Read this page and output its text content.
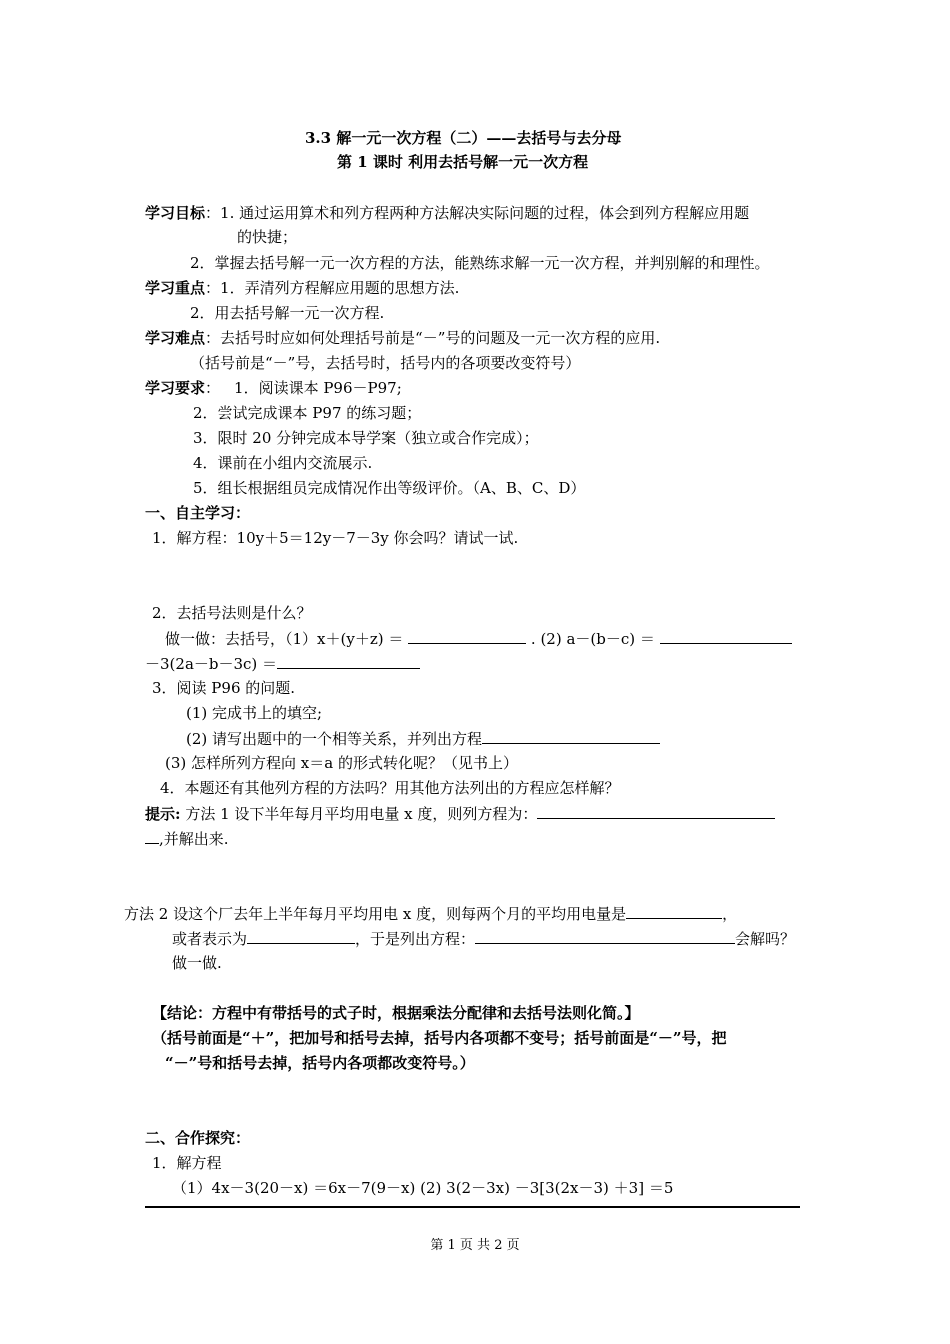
3.3 解一元一次方程（二）——去括号与去分母
第 1 课时 利用去括号解一元一次方程
学习目标：1. 通过运用算术和列方程两种方法解决实际问题的过程，体会到列方程解应用题
的快捷；
2．掌握去括号解一元一次方程的方法，能熟练求解一元一次方程，并判别解的和理性。
学习重点：1．弄清列方程解应用题的思想方法.
2．用去括号解一元一次方程.
学习难点：去括号时应如何处理括号前是“－”号的问题及一元一次方程的应用.
（括号前是“－”号，去括号时，括号内的各项要改变符号）
学习要求： 1．阅读课本 P96－P97;
2．尝试完成课本 P97 的练习题；
3．限时 20 分钟完成本导学案（独立或合作完成）；
4．课前在小组内交流展示.
5．组长根据组员完成情况作出等级评价。（A、B、C、D）
一、自主学习：
1．解方程：10y＋5＝12y－7－3y 你会吗？请试一试.
2．去括号法则是什么？
做一做：去括号，（1）x＋(y＋z) ＝	. (2) a－(b－c) ＝
－3(2a－b－3c) ＝
3．阅读 P96 的问题.
(1) 完成书上的填空;
(2) 请写出题中的一个相等关系，并列出方程
(3) 怎样所列方程向 x＝a 的形式转化呢？（见书上）
4．本题还有其他列方程的方法吗？用其他方法列出的方程应怎样解？
提示: 方法 1 设下半年每月平均用电量 x 度，则列方程为：
,并解出来.
方法 2 设这个厂去年上半年每月平均用电 x 度，则每两个月的平均用电量是	，
或者表示为	，于是列出方程：	会解吗？
做一做.
【结论：方程中有带括号的式子时，根据乘法分配律和去括号法则化简。】
（括号前面是“＋”，把加号和括号去掉，括号内各项都不变号；括号前面是“－”号，把
“－”号和括号去掉，括号内各项都改变符号。）
二、合作探究：
1．解方程
（1）4x－3(20－x) ＝6x－7(9－x) (2) 3(2－3x) －3[3(2x－3) ＋3] ＝5
第 1 页 共 2 页
